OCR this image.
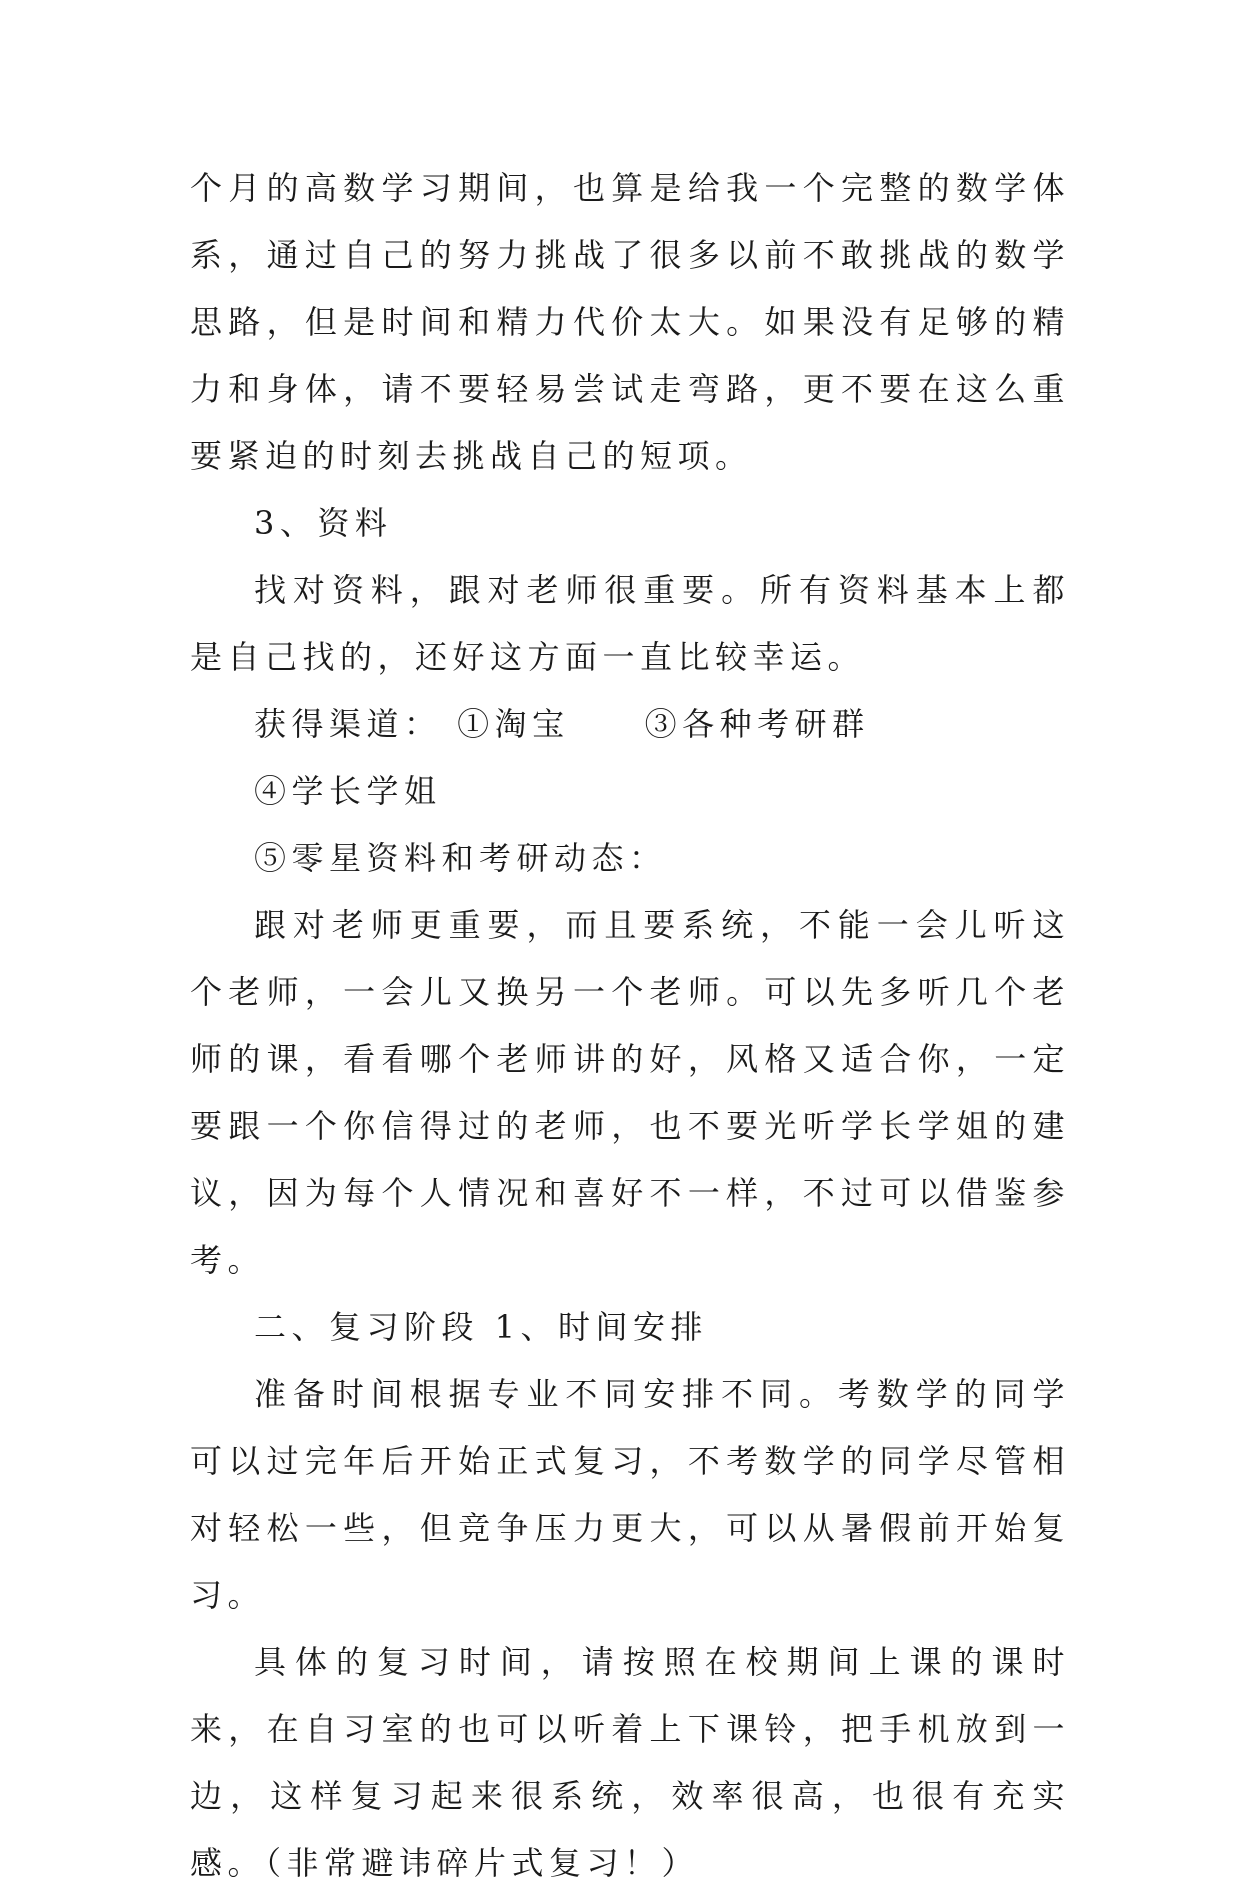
个月的高数学习期间，也算是给我一个完整的数学体系，通过自己的努力挑战了很多以前不敢挑战的数学思路，但是时间和精力代价太大。如果没有足够的精力和身体，请不要轻易尝试走弯路，更不要在这么重要紧迫的时刻去挑战自己的短项。

3、资料

找对资料，跟对老师很重要。所有资料基本上都是自己找的，还好这方面一直比较幸运。

获得渠道： ①淘宝　　③各种考研群

④学长学姐

⑤零星资料和考研动态：

跟对老师更重要，而且要系统，不能一会儿听这个老师，一会儿又换另一个老师。可以先多听几个老师的课，看看哪个老师讲的好，风格又适合你，一定要跟一个你信得过的老师，也不要光听学长学姐的建议，因为每个人情况和喜好不一样，不过可以借鉴参考。

二、复习阶段 1、时间安排

准备时间根据专业不同安排不同。考数学的同学可以过完年后开始正式复习，不考数学的同学尽管相对轻松一些，但竞争压力更大，可以从暑假前开始复习。

具体的复习时间，请按照在校期间上课的课时来，在自习室的也可以听着上下课铃，把手机放到一边，这样复习起来很系统，效率很高，也很有充实感。（非常避讳碎片式复习！）
